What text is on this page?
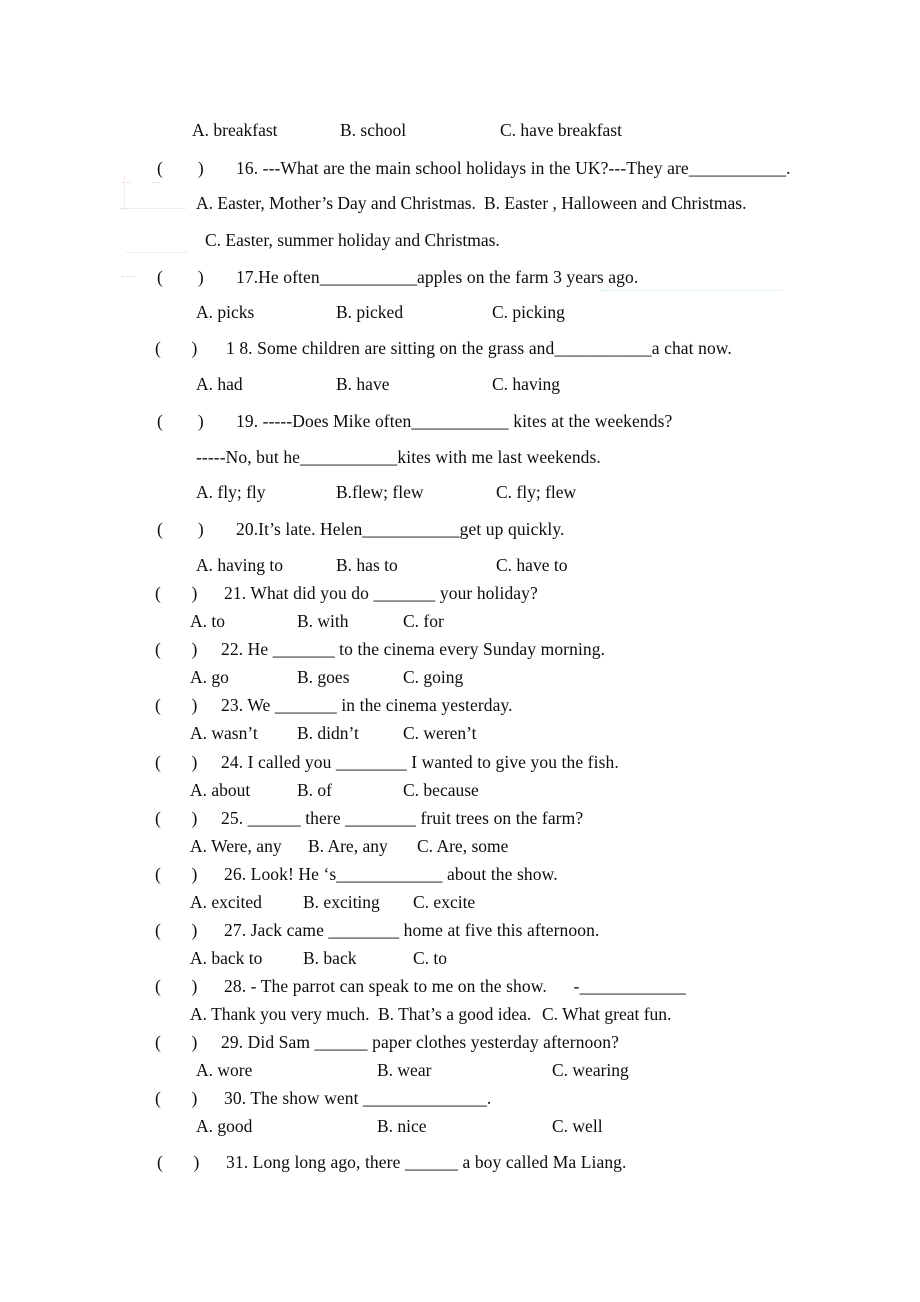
A. breakfast

	B. school

	C. have breakfast

(        ) 16. ---What are the main school holidays in the UK?---They are___________.

A. Easter, Mother’s Day and Christmas.

B. Easter , Halloween and Christmas.

C. Easter, summer holiday and Christmas.

(        ) 17.He often___________apples on the farm 3 years ago.

A. picks

	B. picked

	C. picking

(       ) 1 8. Some children are sitting on the grass and___________a chat now.

A. had

	B. have

	C. having

(        ) 19. -----Does Mike often___________ kites at the weekends?
-----No, but he___________kites with me last weekends.

A. fly; fly

	B.flew; flew

	C. fly; flew

(        ) 20.It’s late. Helen___________get up quickly.

A. having to

	B. has to

	C. have to

(       ) 21. What did you do _______ your holiday?

A. to

	B. with

	C. for

(       ) 22. He _______ to the cinema every Sunday morning.

A. go

	B. goes

	C. going

(       ) 23. We _______ in the cinema yesterday.

A. wasn’t

B. didn’t

	C. weren’t

(       ) 24. I called you ________ I wanted to give you the fish.

A. about

	B. of

	C. because

(       ) 25. ______ there ________ fruit trees on the farm?

A. Were, any

B. Are, any

C. Are, some

(       ) 26. Look! He ‘s____________ about the show.

A. excited

B. exciting

C. excite

(       ) 27. Jack came ________ home at five this afternoon.

A. back to

B. back

	C. to

(       ) 28. - The parrot can speak to me on the show.      -____________

A. Thank you very much.

B. That’s a good idea.

C. What great fun.

(       ) 29. Did Sam ______ paper clothes yesterday afternoon?

A. wore

	B. wear

	C. wearing

(       ) 30. The show went ______________.

A. good

	B. nice

	C. well

(       ) 31. Long long ago, there ______ a boy called Ma Liang.
